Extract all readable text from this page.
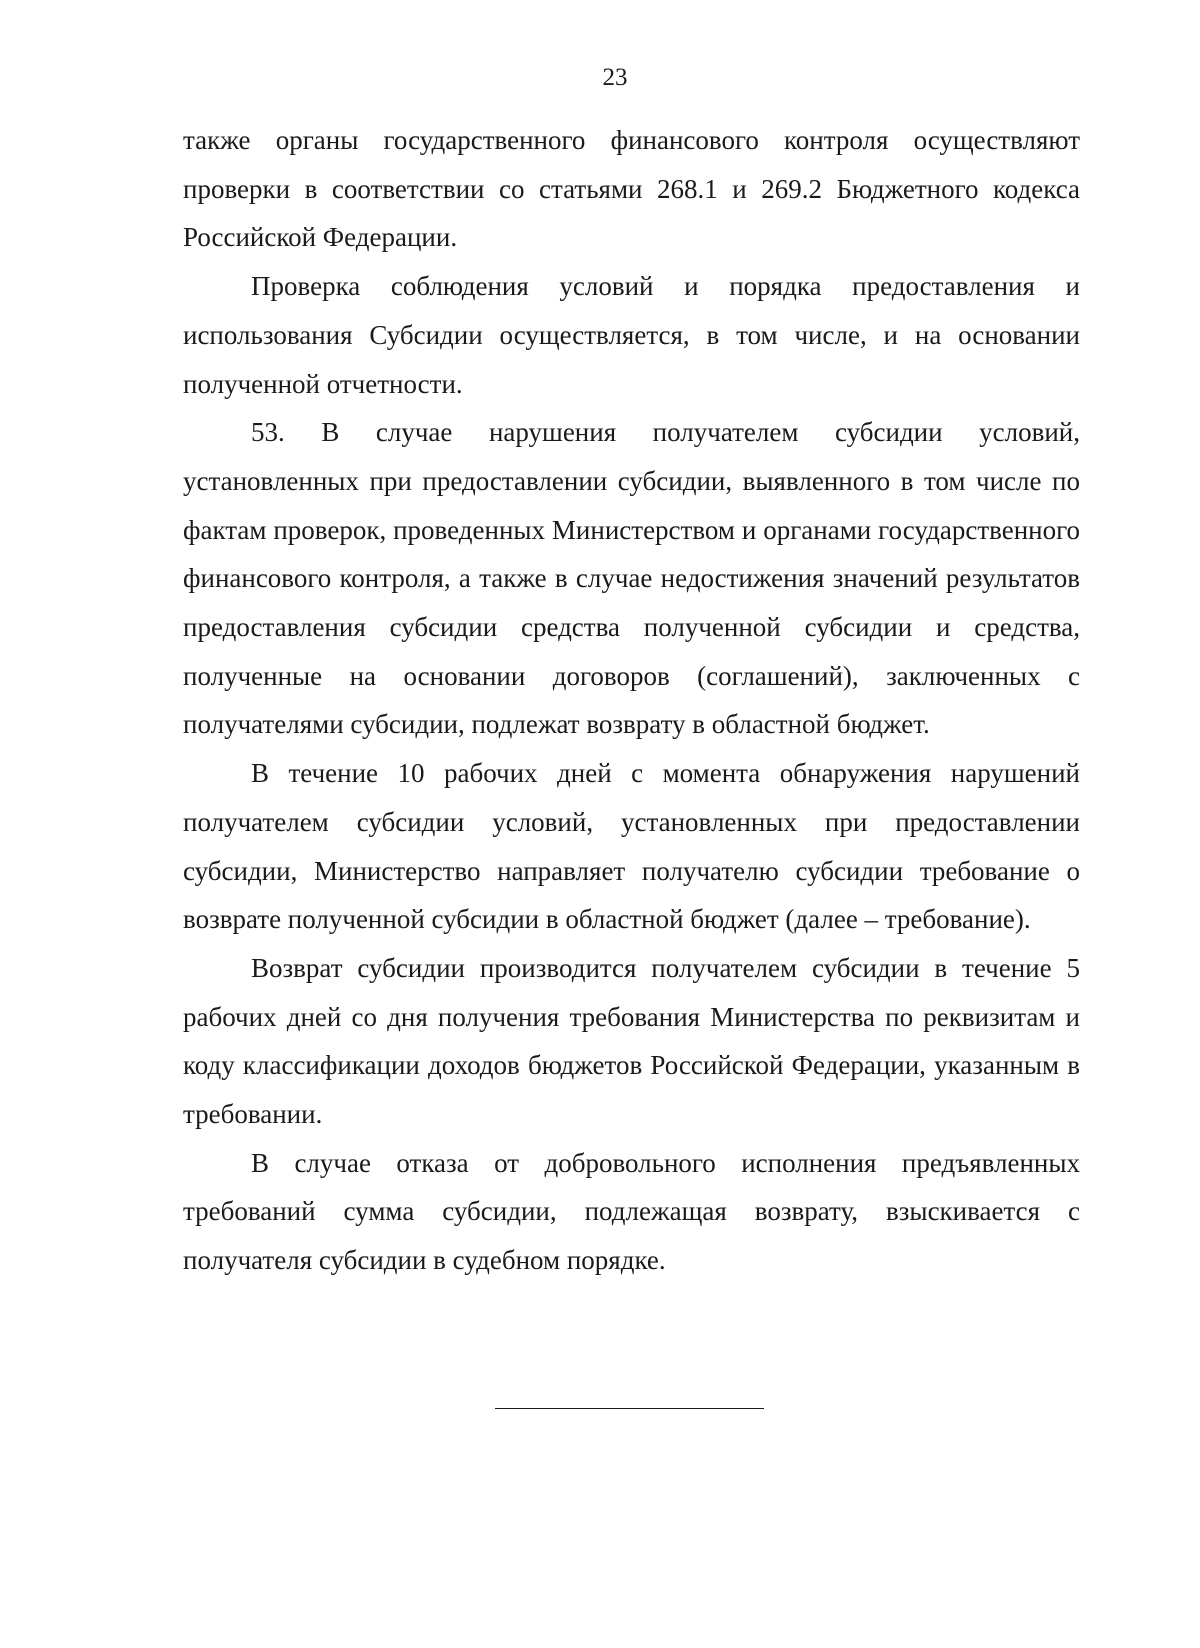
23

также органы государственного финансового контроля осуществляют проверки в соответствии со статьями 268.1 и 269.2 Бюджетного кодекса Российской Федерации.

Проверка соблюдения условий и порядка предоставления и использования Субсидии осуществляется, в том числе, и на основании полученной отчетности.

53. В случае нарушения получателем субсидии условий, установленных при предоставлении субсидии, выявленного в том числе по фактам проверок, проведенных Министерством и органами государственного финансового контроля, а также в случае недостижения значений результатов предоставления субсидии средства полученной субсидии и средства, полученные на основании договоров (соглашений), заключенных с получателями субсидии, подлежат возврату в областной бюджет.

В течение 10 рабочих дней с момента обнаружения нарушений получателем субсидии условий, установленных при предоставлении субсидии, Министерство направляет получателю субсидии требование о возврате полученной субсидии в областной бюджет (далее – требование).

Возврат субсидии производится получателем субсидии в течение 5 рабочих дней со дня получения требования Министерства по реквизитам и коду классификации доходов бюджетов Российской Федерации, указанным в требовании.

В случае отказа от добровольного исполнения предъявленных требований сумма субсидии, подлежащая возврату, взыскивается с получателя субсидии в судебном порядке.
